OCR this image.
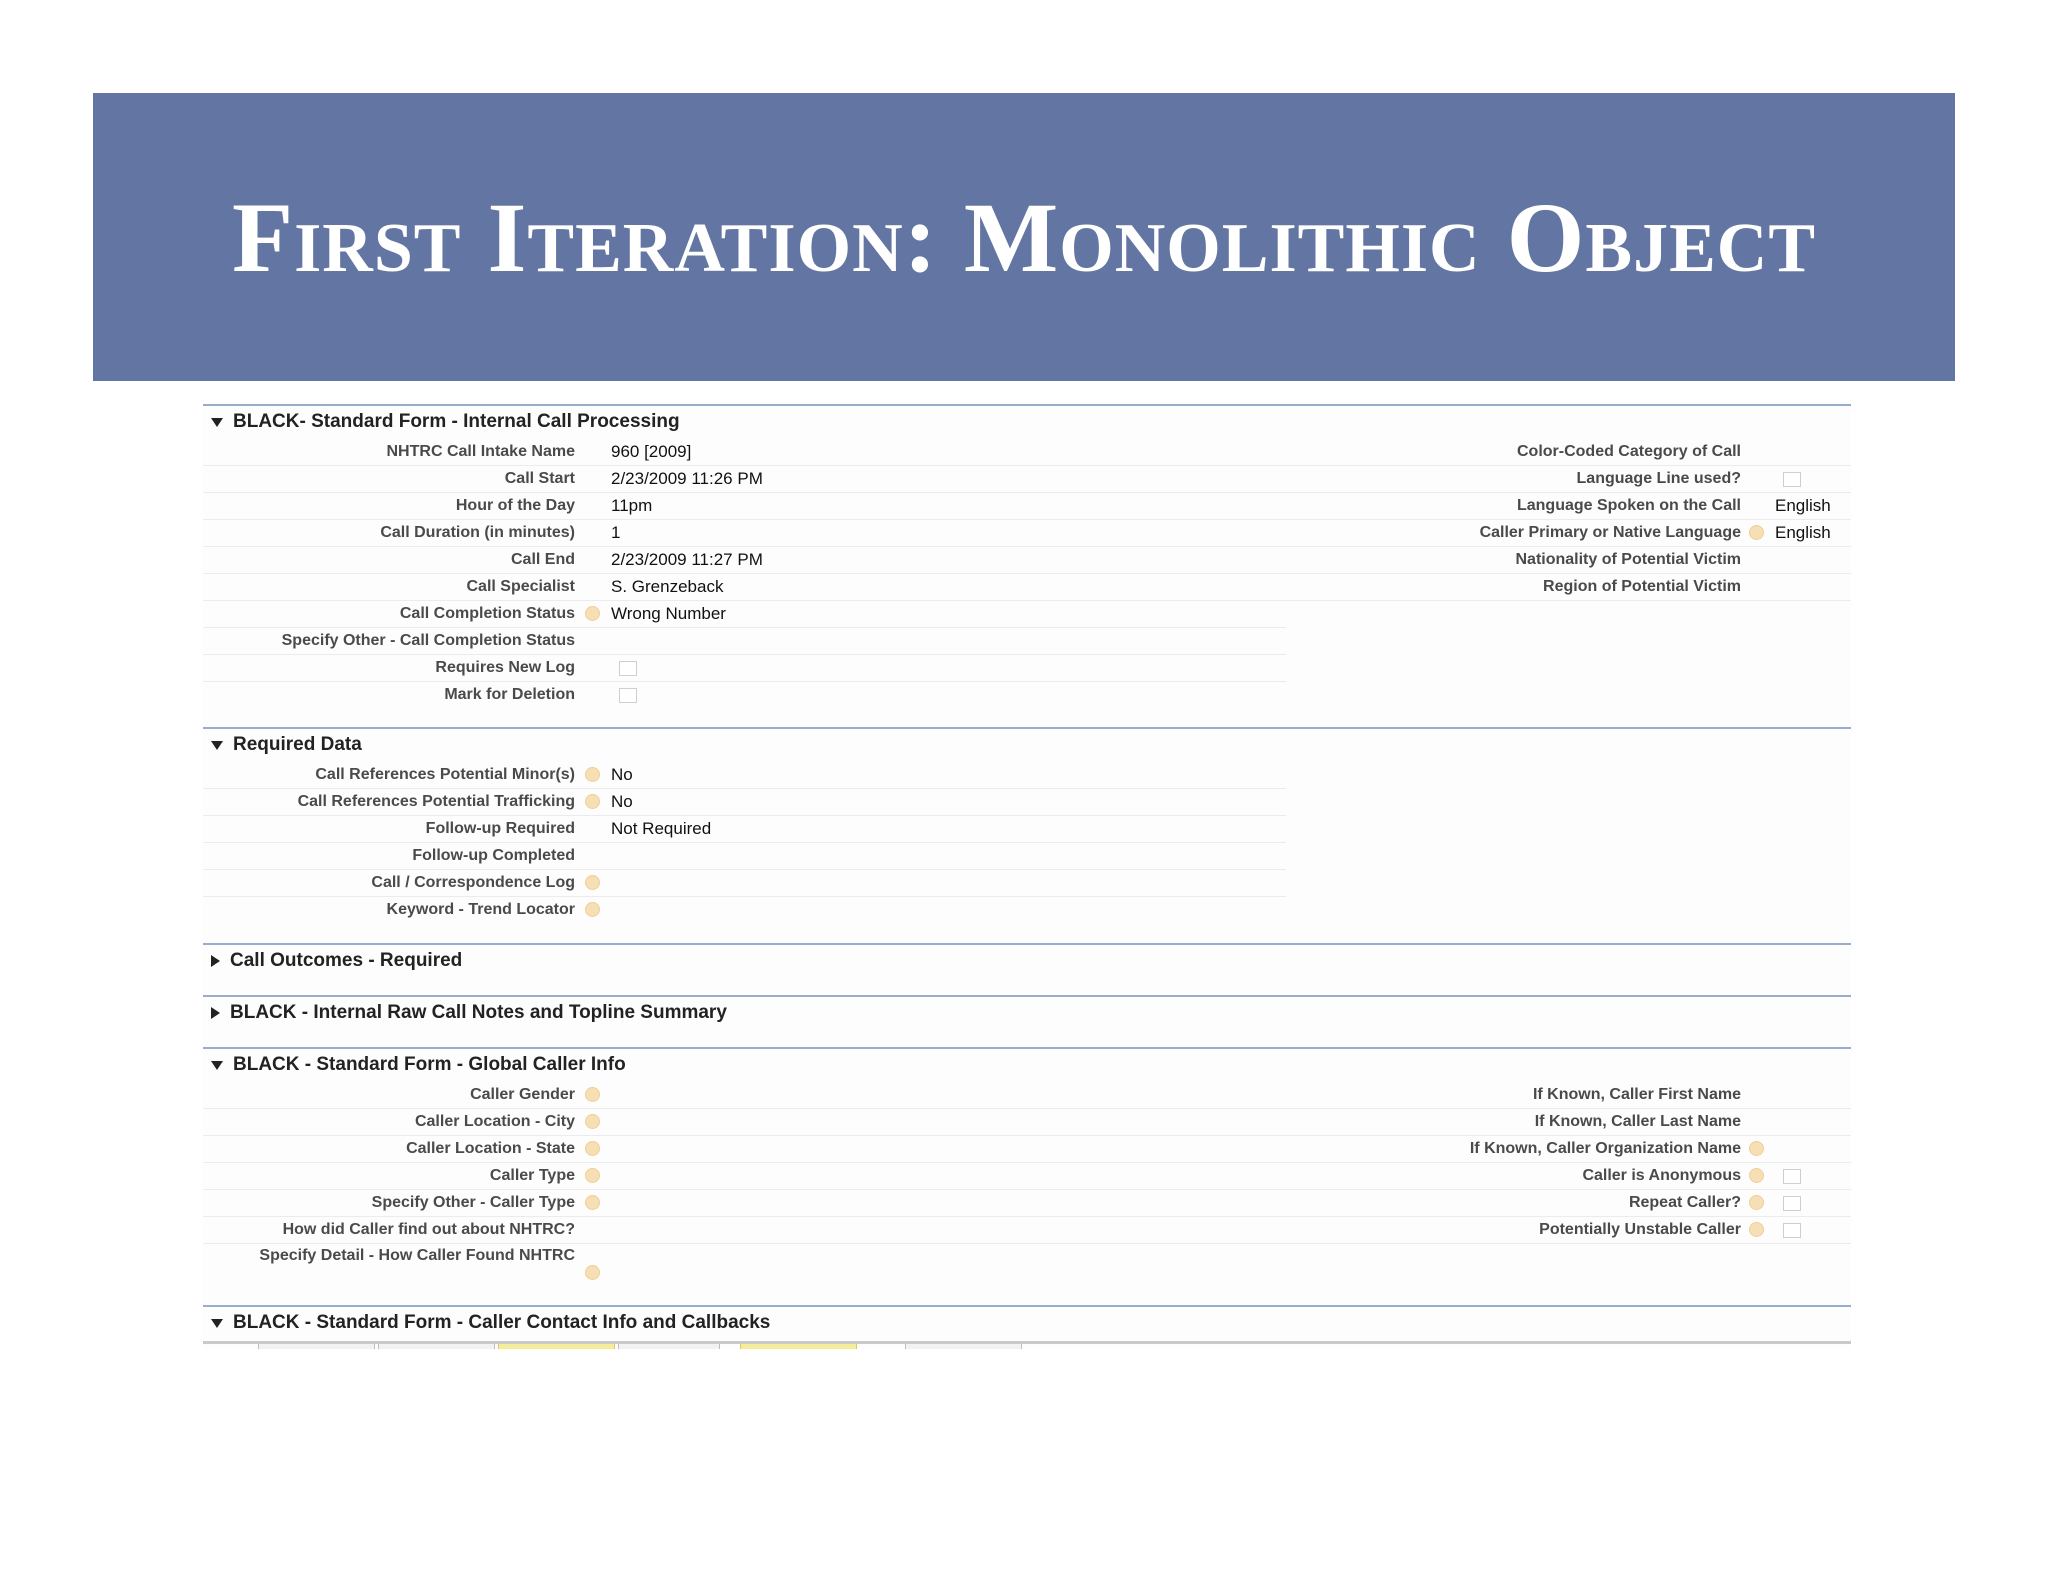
First Iteration: Monolithic Object
BLACK- Standard Form - Internal Call Processing
NHTRC Call Intake Name 960 [2009]
Call Start 2/23/2009 11:26 PM
Hour of the Day 11pm
Call Duration (in minutes) 1
Call End 2/23/2009 11:27 PM
Call Specialist S. Grenzeback
Call Completion Status Wrong Number
Specify Other - Call Completion Status
Requires New Log
Mark for Deletion
Color-Coded Category of Call
Language Line used?
Language Spoken on the Call English
Caller Primary or Native Language English
Nationality of Potential Victim
Region of Potential Victim
Required Data
Call References Potential Minor(s) No
Call References Potential Trafficking No
Follow-up Required Not Required
Follow-up Completed
Call / Correspondence Log
Keyword - Trend Locator
Call Outcomes - Required
BLACK - Internal Raw Call Notes and Topline Summary
BLACK - Standard Form - Global Caller Info
Caller Gender
Caller Location - City
Caller Location - State
Caller Type
Specify Other - Caller Type
How did Caller find out about NHTRC?
Specify Detail - How Caller Found NHTRC
If Known, Caller First Name
If Known, Caller Last Name
If Known, Caller Organization Name
Caller is Anonymous
Repeat Caller?
Potentially Unstable Caller
BLACK - Standard Form - Caller Contact Info and Callbacks
